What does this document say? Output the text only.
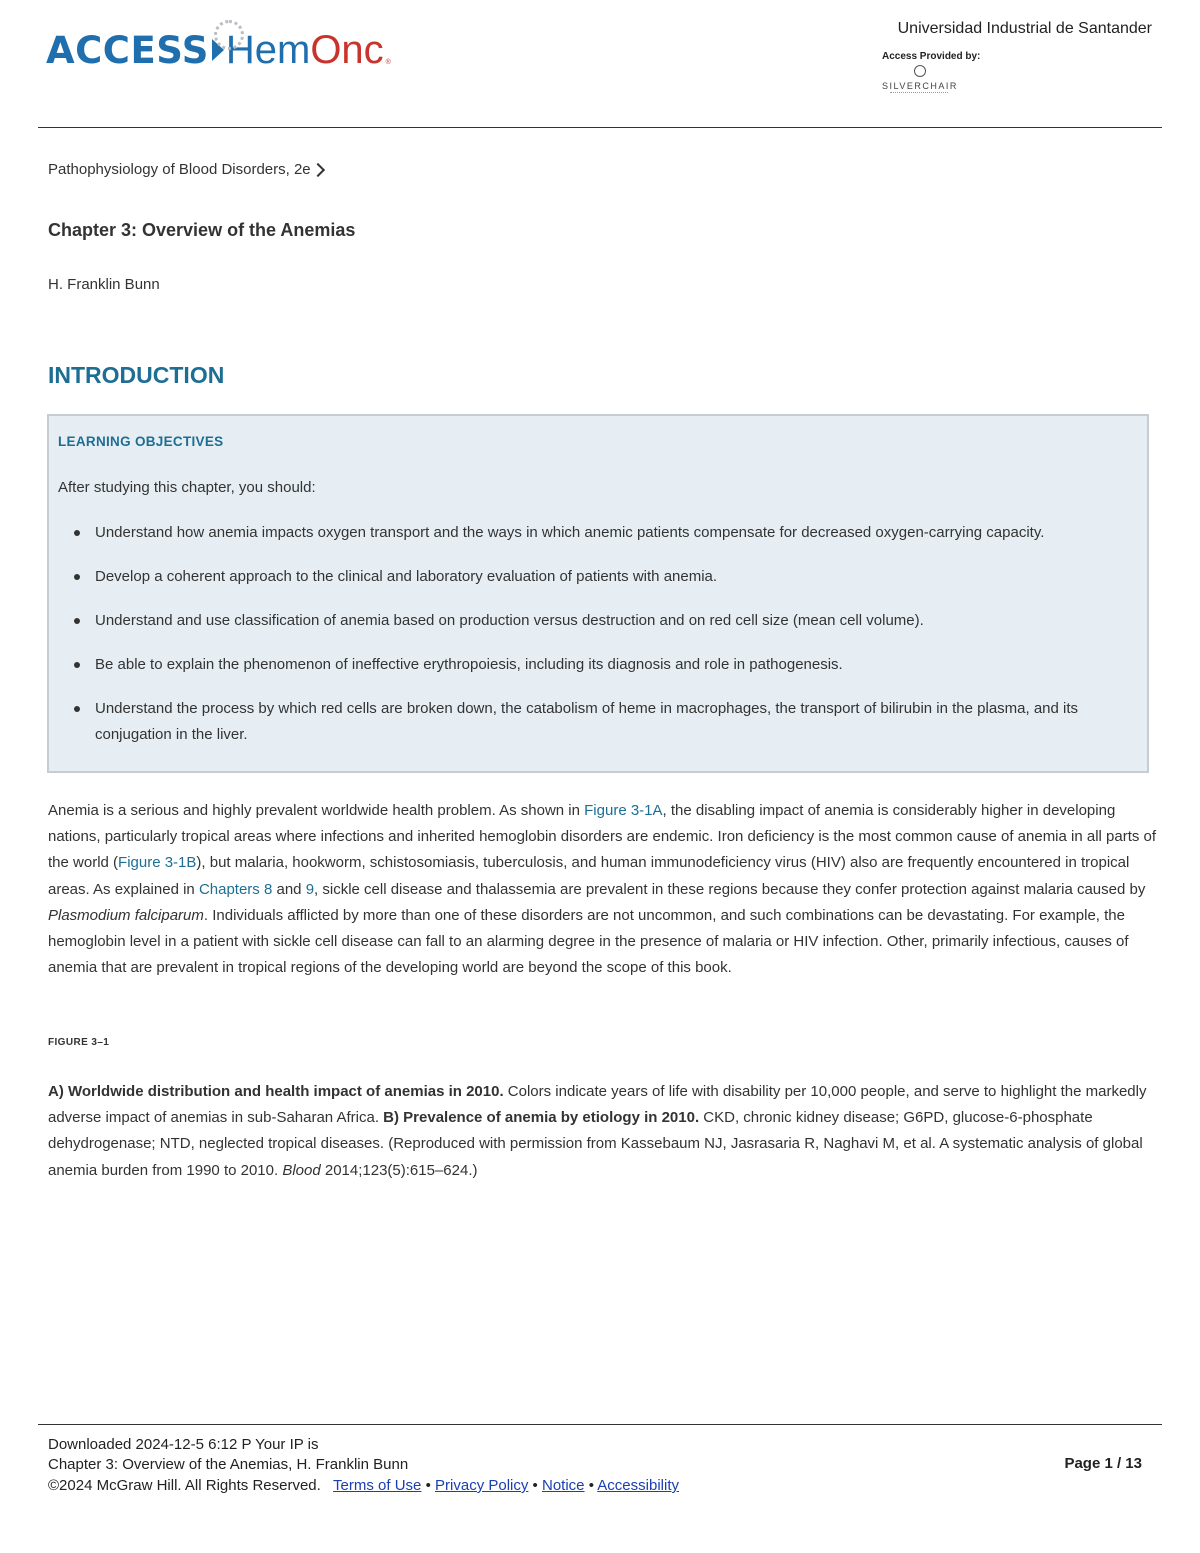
ACCESS Hem Onc ®
Universidad Industrial de Santander
Access Provided by:
SILVERCHAIR
Pathophysiology of Blood Disorders, 2e
Chapter 3: Overview of the Anemias
H. Franklin Bunn
INTRODUCTION
LEARNING OBJECTIVES
After studying this chapter, you should:
Understand how anemia impacts oxygen transport and the ways in which anemic patients compensate for decreased oxygen-carrying capacity.
Develop a coherent approach to the clinical and laboratory evaluation of patients with anemia.
Understand and use classification of anemia based on production versus destruction and on red cell size (mean cell volume).
Be able to explain the phenomenon of ineffective erythropoiesis, including its diagnosis and role in pathogenesis.
Understand the process by which red cells are broken down, the catabolism of heme in macrophages, the transport of bilirubin in the plasma, and its conjugation in the liver.

Anemia is a serious and highly prevalent worldwide health problem. As shown in Figure 3-1A, the disabling impact of anemia is considerably higher in developing nations, particularly tropical areas where infections and inherited hemoglobin disorders are endemic. Iron deficiency is the most common cause of anemia in all parts of the world (Figure 3-1B), but malaria, hookworm, schistosomiasis, tuberculosis, and human immunodeficiency virus (HIV) also are frequently encountered in tropical areas. As explained in Chapters 8 and 9, sickle cell disease and thalassemia are prevalent in these regions because they confer protection against malaria caused by Plasmodium falciparum. Individuals afflicted by more than one of these disorders are not uncommon, and such combinations can be devastating. For example, the hemoglobin level in a patient with sickle cell disease can fall to an alarming degree in the presence of malaria or HIV infection. Other, primarily infectious, causes of anemia that are prevalent in tropical regions of the developing world are beyond the scope of this book.

FIGURE 3–1

A) Worldwide distribution and health impact of anemias in 2010. Colors indicate years of life with disability per 10,000 people, and serve to highlight the markedly adverse impact of anemias in sub-Saharan Africa. B) Prevalence of anemia by etiology in 2010. CKD, chronic kidney disease; G6PD, glucose-6-phosphate dehydrogenase; NTD, neglected tropical diseases. (Reproduced with permission from Kassebaum NJ, Jasrasaria R, Naghavi M, et al. A systematic analysis of global anemia burden from 1990 to 2010. Blood 2014;123(5):615–624.)

Downloaded 2024-12-5 6:12 P Your IP is
Chapter 3: Overview of the Anemias, H. Franklin Bunn
©2024 McGraw Hill. All Rights Reserved. Terms of Use • Privacy Policy • Notice • Accessibility
Page 1 / 13
